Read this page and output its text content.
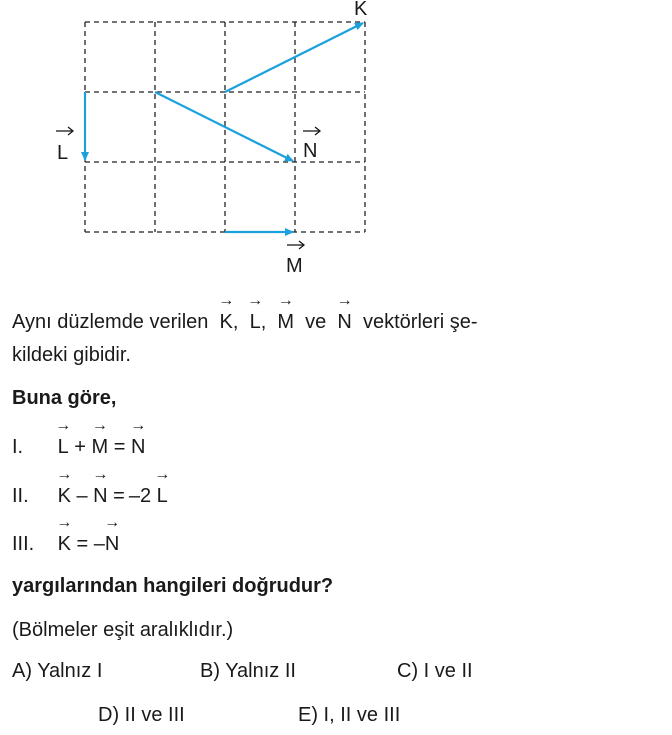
K
L	N
M
Aynı düzlemde verilen → K, → L, → M ve → N vektörleri şe-
kildeki gibidir.
Buna göre,
I. → L + → M = → N
II. → K – → N = –2 → L
III. → K = –→ N
yargılarından hangileri doğrudur?
(Bölmeler eşit aralıklıdır.)
A) Yalnız I	B) Yalnız II	C) I ve II
D) II ve III	E) I, II ve III
